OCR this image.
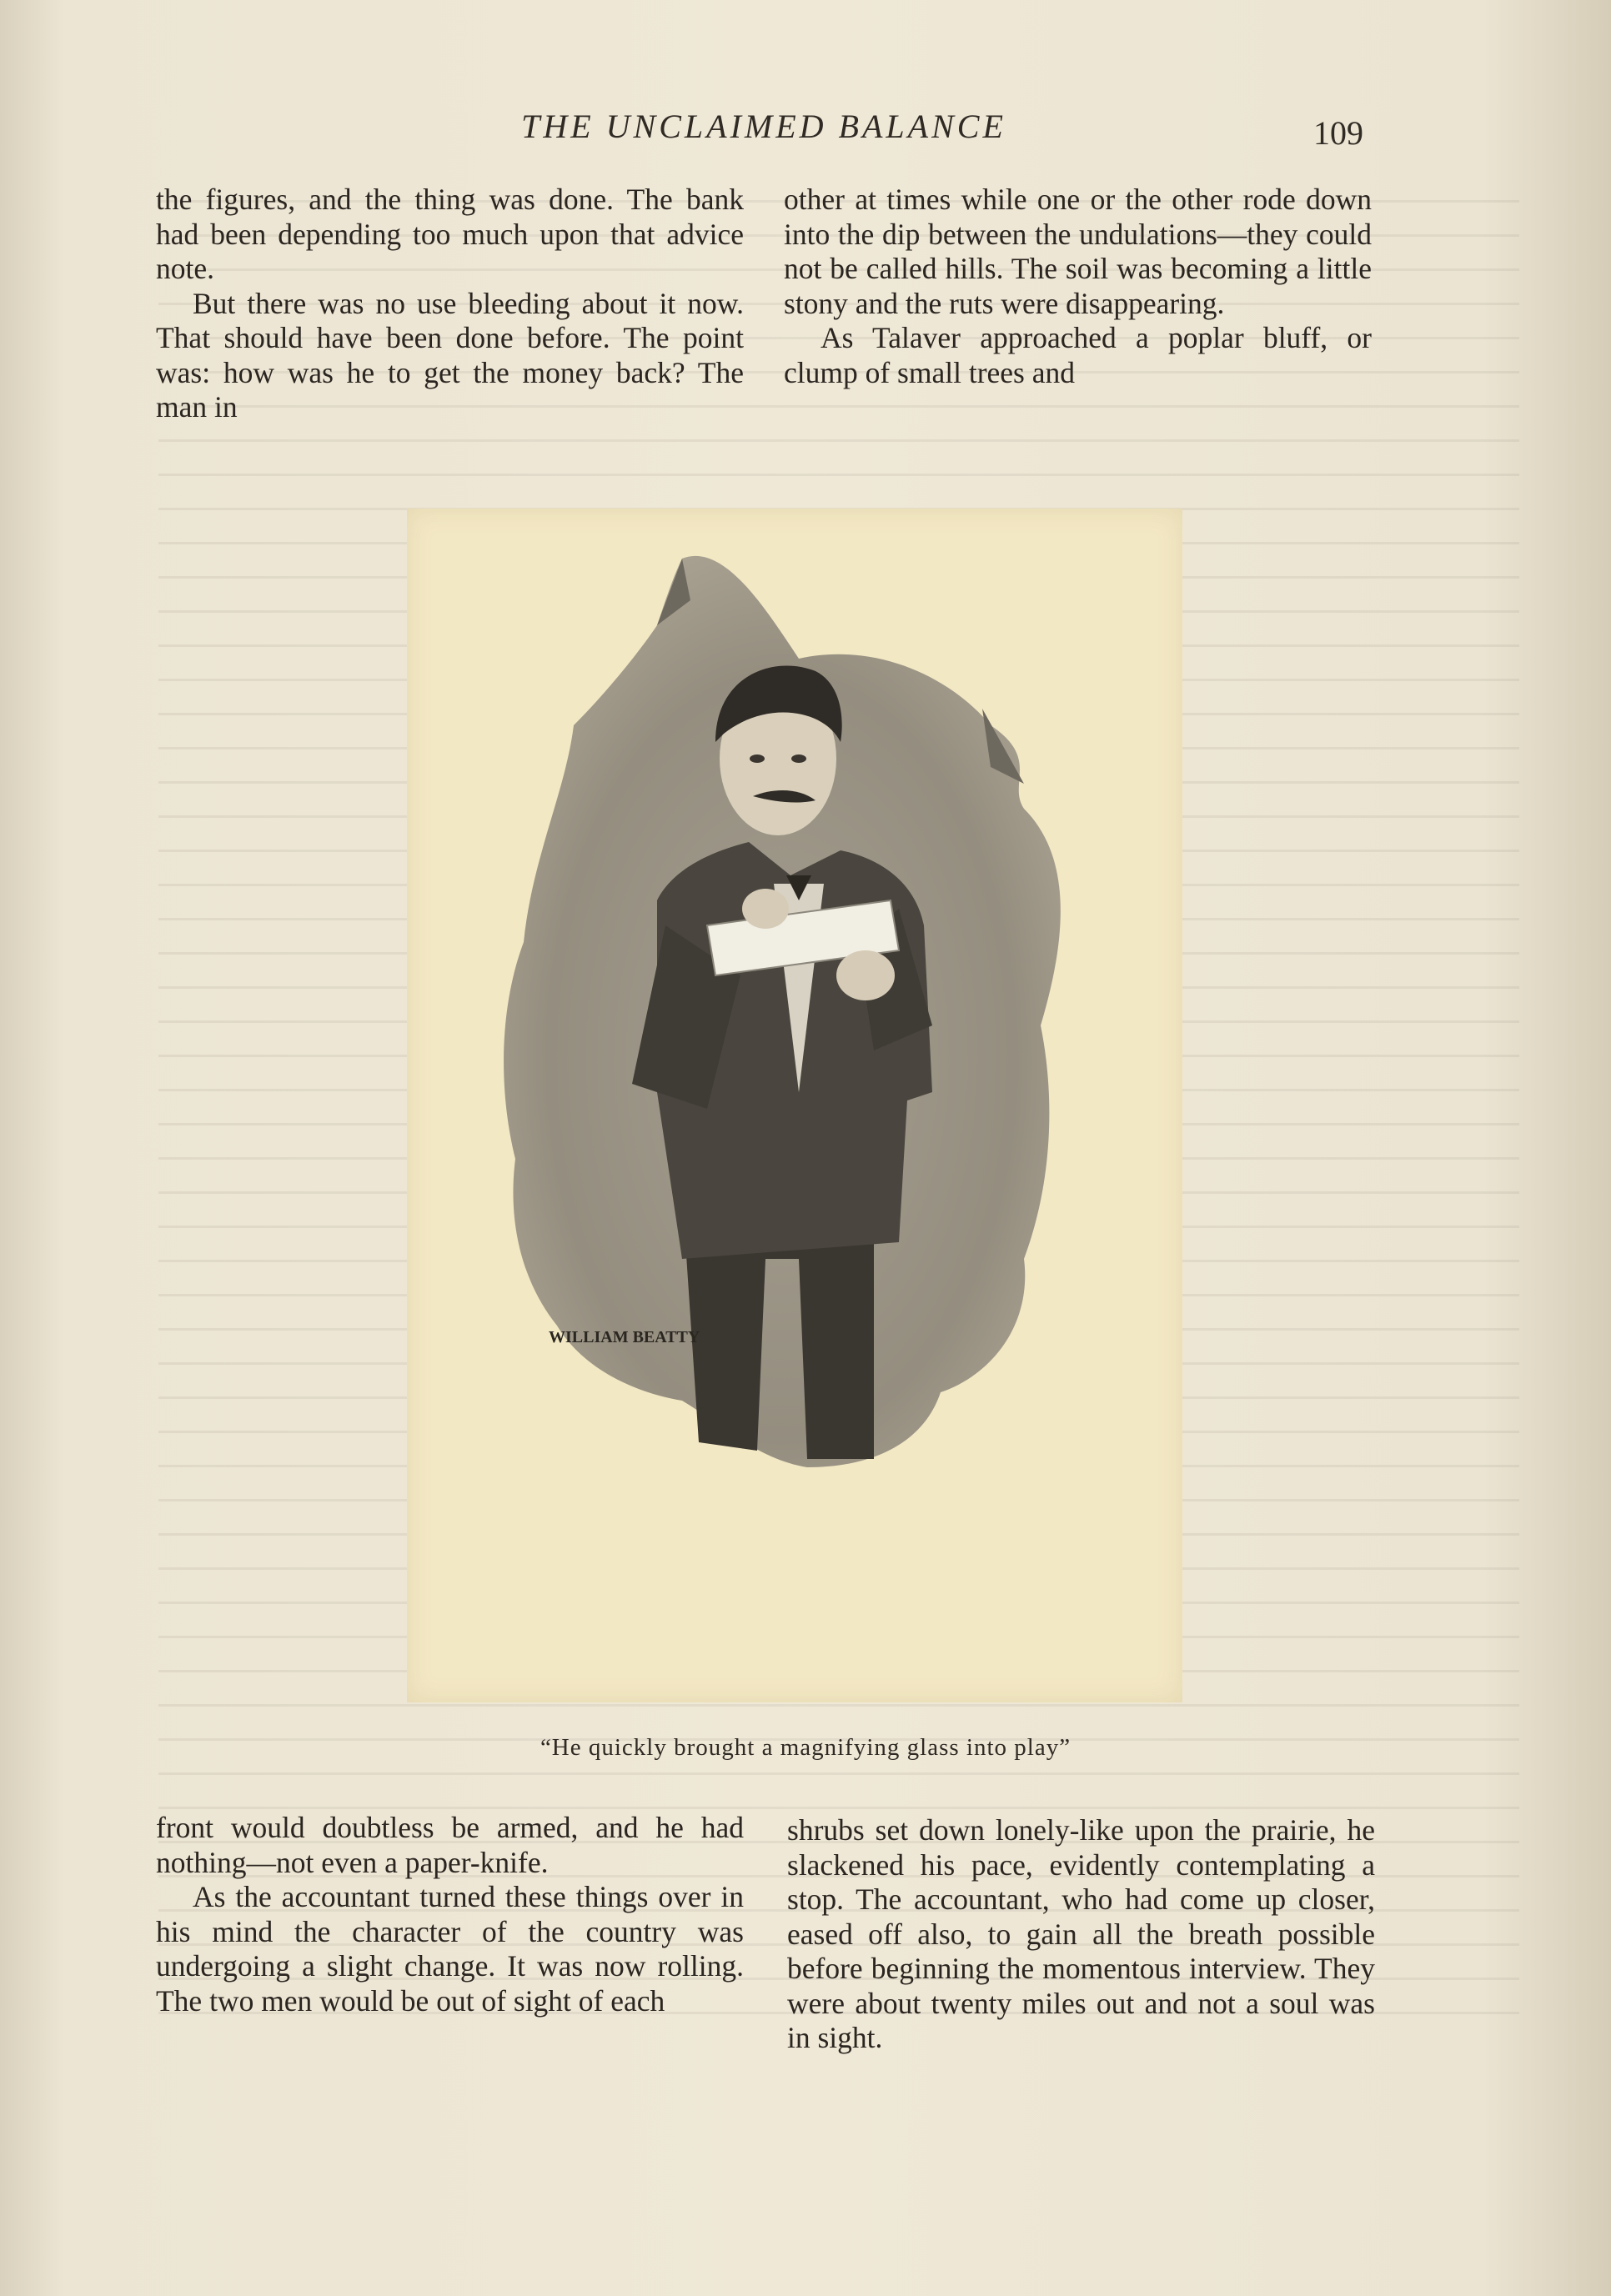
THE UNCLAIMED BALANCE	109

the figures, and the thing was done. The bank had been depending too much upon that advice note.

But there was no use bleeding about it now. That should have been done before. The point was: how was he to get the money back? The man in

other at times while one or the other rode down into the dip between the undulations—they could not be called hills. The soil was becoming a little stony and the ruts were disappearing.

As Talaver approached a poplar bluff, or clump of small trees and

WILLIAM BEATTY
“He quickly brought a magnifying glass into play”

front would doubtless be armed, and he had nothing—not even a paper-knife.

As the accountant turned these things over in his mind the character of the country was undergoing a slight change. It was now rolling. The two men would be out of sight of each

shrubs set down lonely-like upon the prairie, he slackened his pace, evidently contemplating a stop. The accountant, who had come up closer, eased off also, to gain all the breath possible before beginning the momentous interview. They were about twenty miles out and not a soul was in sight.
